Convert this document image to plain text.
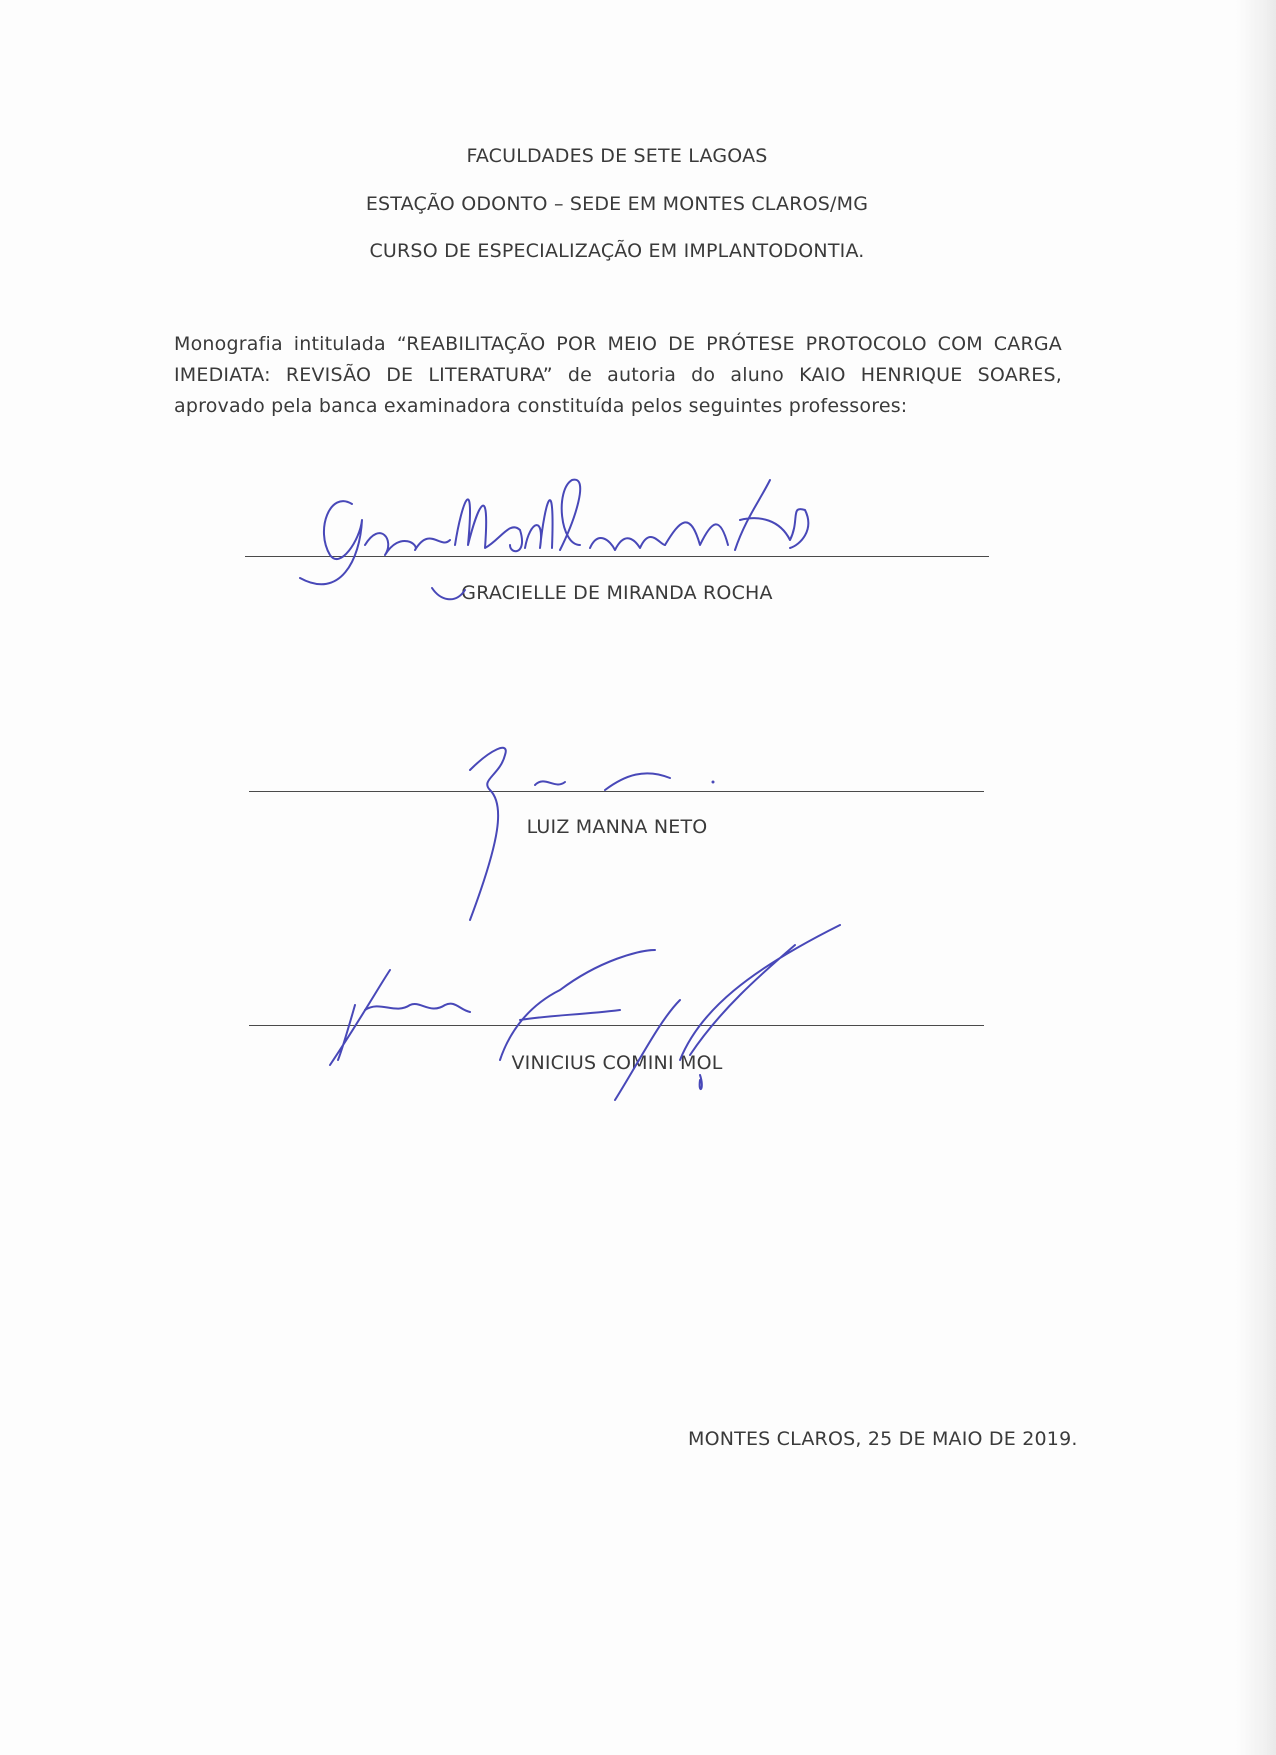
FACULDADES DE SETE LAGOAS
ESTAÇÃO ODONTO – SEDE EM MONTES CLAROS/MG
CURSO DE ESPECIALIZAÇÃO EM IMPLANTODONTIA.
Monografia intitulada “REABILITAÇÃO POR MEIO DE PRÓTESE PROTOCOLO COM CARGA IMEDIATA: REVISÃO DE LITERATURA” de autoria do aluno KAIO HENRIQUE SOARES, aprovado pela banca examinadora constituída pelos seguintes professores:
GRACIELLE DE MIRANDA ROCHA
LUIZ MANNA NETO
VINICIUS COMINI MOL
MONTES CLAROS, 25 DE MAIO DE 2019.
